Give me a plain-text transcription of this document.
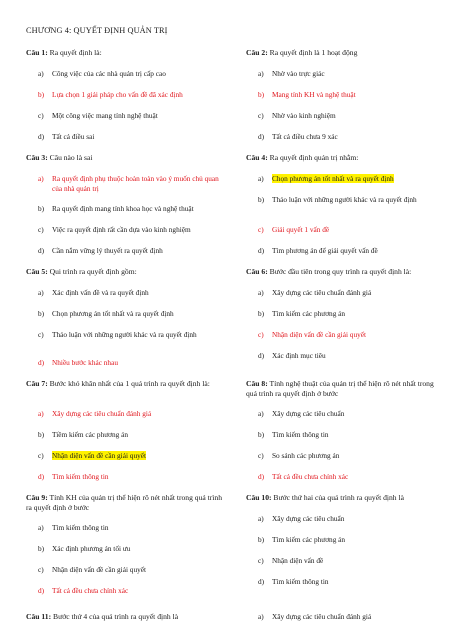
CHƯƠNG 4: QUYẾT ĐỊNH QUẢN TRỊ
Câu 1: Ra quyết định là:
a) Công việc của các nhà quản trị cấp cao
b) Lựa chọn 1 giải pháp cho vấn đề đã xác định
c) Một công việc mang tính nghệ thuật
d) Tất cả điều sai
Câu 3: Câu nào là sai
a) Ra quyết định phụ thuộc hoàn toàn vào ý muốn chủ quan của nhà quản trị
b) Ra quyết định mang tính khoa học và nghệ thuật
c) Việc ra quyết định rất cần dựa vào kinh nghiệm
d) Cần nắm vững lý thuyết ra quyết định
Câu 5: Qui trình ra quyết định gồm:
a) Xác định vấn đề và ra quyết định
b) Chọn phương án tốt nhất và ra quyết định
c) Thảo luận với những người khác và ra quyết định
d) Nhiều bước khác nhau
Câu 7: Bước khó khăn nhất của 1 quá trình ra quyết định là:
a) Xây dựng các tiêu chuẩn đánh giá
b) Tiềm kiếm các phương án
c) Nhận diện vấn đề cần giải quyết
d) Tìm kiếm thông tin
Câu 9: Tính KH của quản trị thể hiện rõ nét nhất trong quá trình ra quyết định ở bước
a) Tìm kiếm thông tin
b) Xác định phương án tối ưu
c) Nhận diện vấn đề cần giải quyết
d) Tất cả đều chưa chính xác
Câu 11: Bước thứ 4 của quá trình ra quyết định là
Câu 2: Ra quyết định là 1 hoạt động
a) Nhờ vào trực giác
b) Mang tính KH và nghệ thuật
c) Nhờ vào kinh nghiệm
d) Tất cả điều chưa 9 xác
Câu 4: Ra quyết định quản trị nhằm:
a) Chọn phương án tốt nhất và ra quyết định
b) Thảo luận với những người khác và ra quyết định
c) Giải quyết 1 vấn đề
d) Tìm phương án để giải quyết vấn đề
Câu 6: Bước đầu tiên trong quy trình ra quyết định là:
a) Xây dựng các tiêu chuẩn đánh giá
b) Tìm kiếm các phương án
c) Nhận diện vấn đề cần giải quyết
d) Xác định mục tiêu
Câu 8: Tính nghệ thuật của quản trị thể hiện rõ nét nhất trong quá trình ra quyết định ở bước
a) Xây dựng các tiêu chuẩn
b) Tìm kiếm thông tin
c) So sánh các phương án
d) Tất cả đều chưa chính xác
Câu 10: Bước thứ hai của quá trình ra quyết định là
a) Xây dựng các tiêu chuẩn
b) Tìm kiếm các phương án
c) Nhận diện vấn đề
d) Tìm kiếm thông tin
a) Xây dựng các tiêu chuẩn đánh giá
